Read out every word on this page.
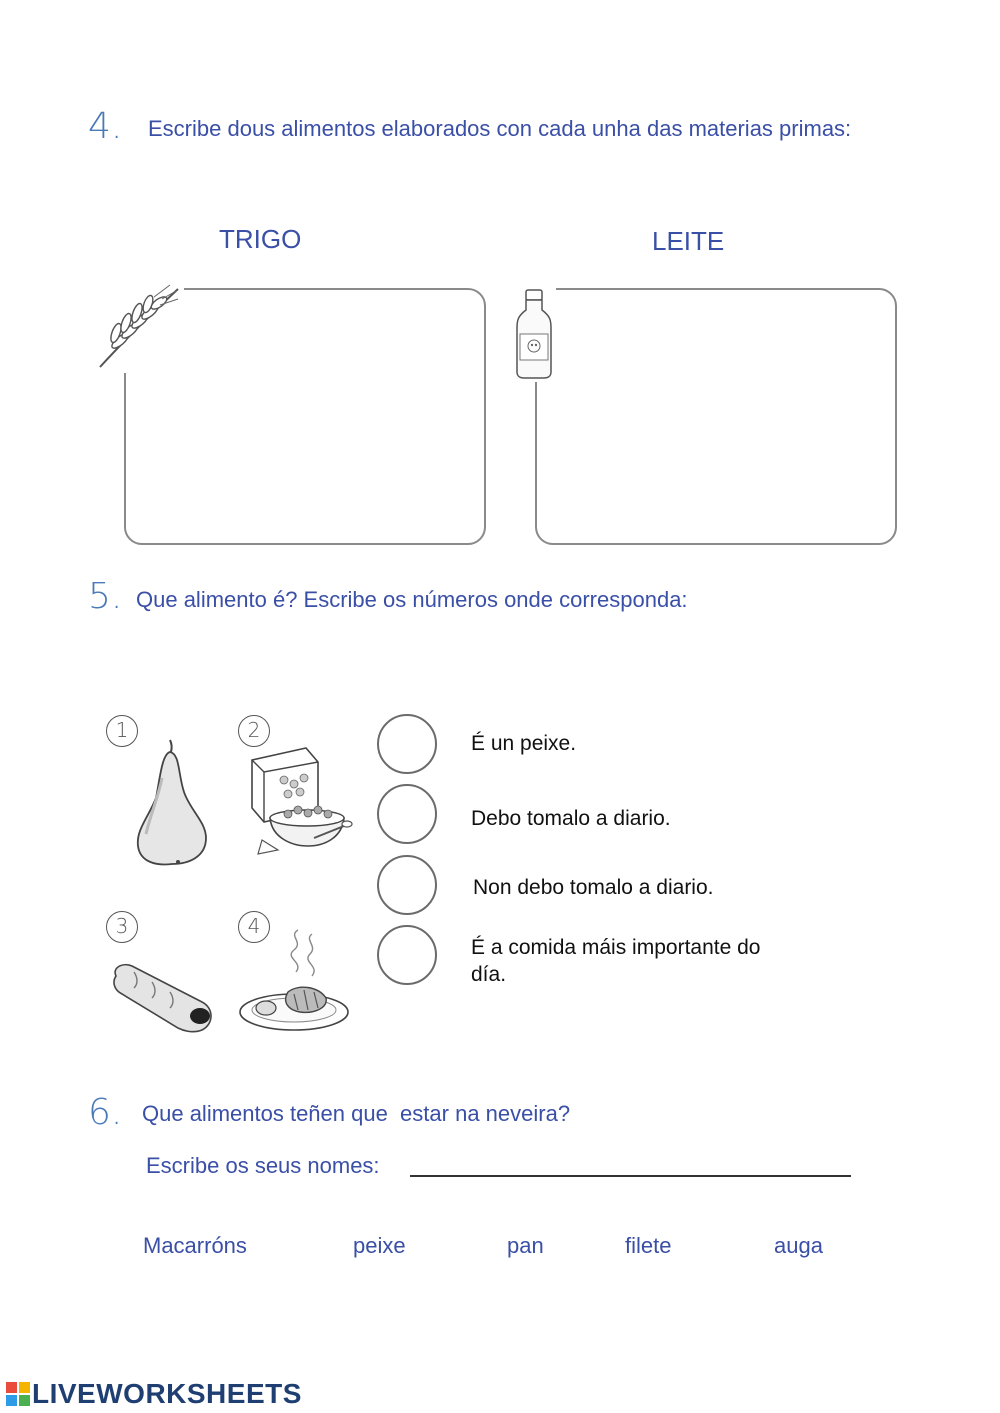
4. Escribe dous alimentos elaborados con cada unha das materias primas:
TRIGO	LEITE
5. Que alimento é? Escribe os números onde corresponda:
1	2
3	4
É un peixe.
Debo tomalo a diario.
Non debo tomalo a diario.
É a comida máis importante do día.
6. Que alimentos teñen que  estar na neveira?
Escribe os seus nomes:
Macarróns	peixe	pan	filete	auga
LIVEWORKSHEETS
